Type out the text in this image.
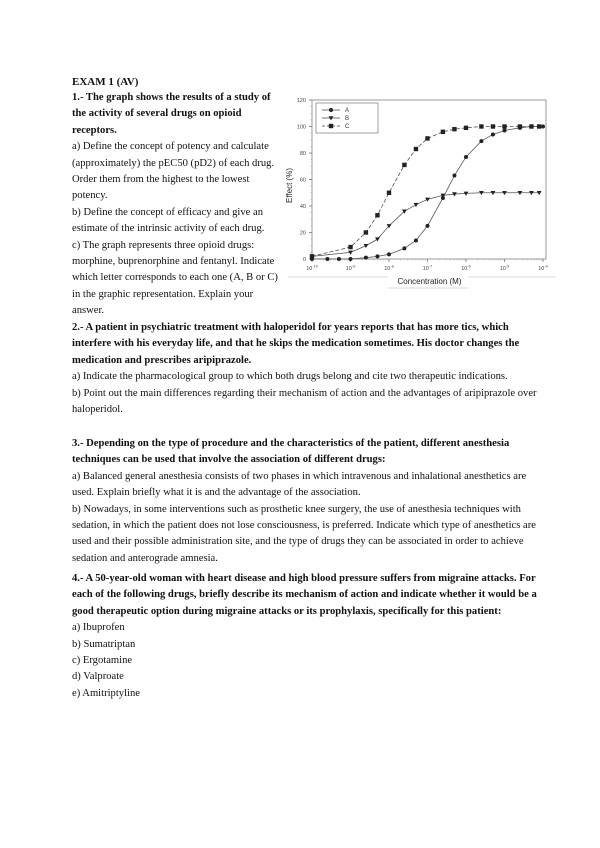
EXAM 1 (AV)

1.- The graph shows the results of a study of the activity of several drugs on opioid receptors.

a) Define the concept of potency and calculate (approximately) the pEC50 (pD2) of each drug. Order them from the highest to the lowest potency.

b) Define the concept of efficacy and give an estimate of the intrinsic activity of each drug.

c) The graph represents three opioid drugs: morphine, buprenorphine and fentanyl. Indicate which letter corresponds to each one (A, B or C) in the graphic representation. Explain your answer.

0
20
40
60
80
100
120
$10^{-10}$	$10^{-9}$	$10^{-8}$	$10^{-7}$	$10^{-6}$	$10^{-5}$	$10^{-4}$
Concentration (M)
Effect (%)
A
B
C

2.- A patient in psychiatric treatment with haloperidol for years reports that has more tics, which interfere with his everyday life, and that he skips the medication sometimes. His doctor changes the medication and prescribes aripiprazole.

a) Indicate the pharmacological group to which both drugs belong and cite two therapeutic indications.

b) Point out the main differences regarding their mechanism of action and the advantages of aripiprazole over haloperidol.

3.- Depending on the type of procedure and the characteristics of the patient, different anesthesia techniques can be used that involve the association of different drugs:

a) Balanced general anesthesia consists of two phases in which intravenous and inhalational anesthetics are used. Explain briefly what it is and the advantage of the association.

b) Nowadays, in some interventions such as prosthetic knee surgery, the use of anesthesia techniques with sedation, in which the patient does not lose consciousness, is preferred. Indicate which type of anesthetics are used and their possible administration site, and the type of drugs they can be associated in order to achieve sedation and anterograde amnesia.

4.- A 50-year-old woman with heart disease and high blood pressure suffers from migraine attacks. For each of the following drugs, briefly describe its mechanism of action and indicate whether it would be a good therapeutic option during migraine attacks or its prophylaxis, specifically for this patient:

a) Ibuprofen

b) Sumatriptan

c) Ergotamine

d) Valproate

e) Amitriptyline
